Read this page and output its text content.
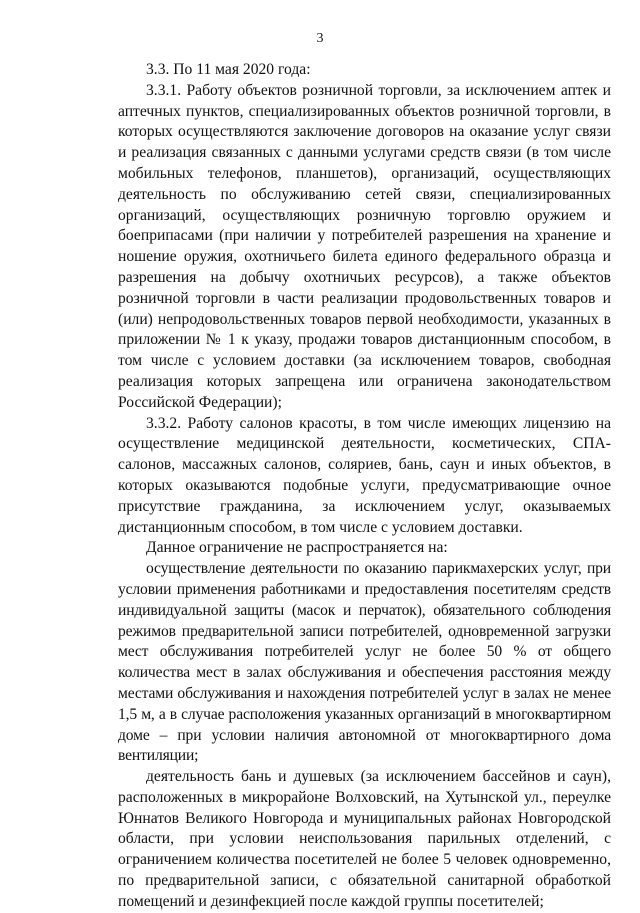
3

3.3. По 11 мая 2020 года:

3.3.1. Работу объектов розничной торговли, за исключением аптек и аптечных пунктов, специализированных объектов розничной торговли, в которых осуществляются заключение договоров на оказание услуг связи и реализация связанных с данными услугами средств связи (в том числе мобильных телефонов, планшетов), организаций, осуществляющих деятельность по обслуживанию сетей связи, специализированных организаций, осуществляющих розничную торговлю оружием и боеприпасами (при наличии у потребителей разрешения на хранение и ношение оружия, охотничьего билета единого федерального образца и разрешения на добычу охотничьих ресурсов), а также объектов розничной торговли в части реализации продовольственных товаров и (или) непродовольственных товаров первой необходимости, указанных в приложении № 1 к указу, продажи товаров дистанционным способом, в том числе с условием доставки (за исключением товаров, свободная реализация которых запрещена или ограничена законодательством Российской Федерации);

3.3.2. Работу салонов красоты, в том числе имеющих лицензию на осуществление медицинской деятельности, косметических, СПА-салонов, массажных салонов, соляриев, бань, саун и иных объектов, в которых оказываются подобные услуги, предусматривающие очное присутствие гражданина, за исключением услуг, оказываемых дистанционным способом, в том числе с условием доставки.

Данное ограничение не распространяется на:

осуществление деятельности по оказанию парикмахерских услуг, при условии применения работниками и предоставления посетителям средств индивидуальной защиты (масок и перчаток), обязательного соблюдения режимов предварительной записи потребителей, одновременной загрузки мест обслуживания потребителей услуг не более 50 % от общего количества мест в залах обслуживания и обеспечения расстояния между местами обслуживания и нахождения потребителей услуг в залах не менее 1,5 м, а в случае расположения указанных организаций в многоквартирном доме – при условии наличия автономной от многоквартирного дома вентиляции;

деятельность бань и душевых (за исключением бассейнов и саун), расположенных в микрорайоне Волховский, на Хутынской ул., переулке Юннатов Великого Новгорода и муниципальных районах Новгородской области, при условии неиспользования парильных отделений, с ограничением количества посетителей не более 5 человек одновременно, по предварительной записи, с обязательной санитарной обработкой помещений и дезинфекцией после каждой группы посетителей;
